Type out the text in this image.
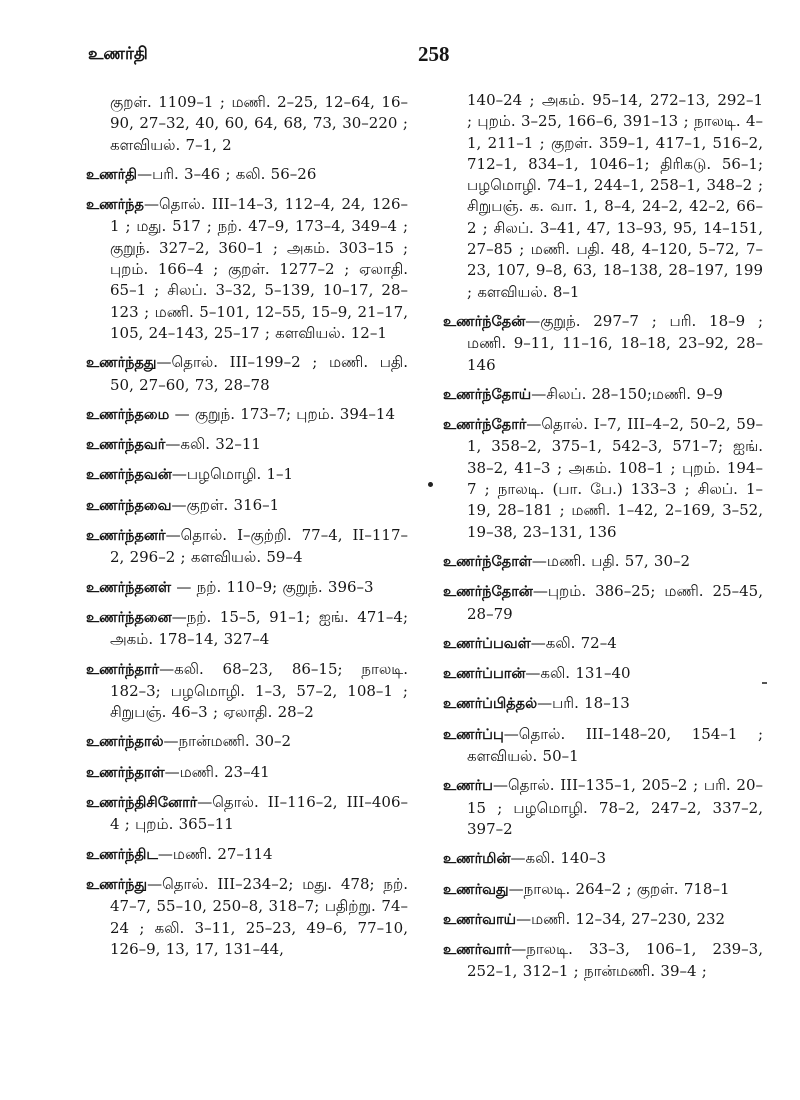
உணர்தி	258

குறள். 1109–1 ; மணி. 2–25, 12–64, 16–90, 27–32, 40, 60, 64, 68, 73, 30–220 ; களவியல். 7–1, 2

உணர்தி—பரி. 3–46 ; கலி. 56–26

உணர்ந்த—தொல். III–14–3, 112–4, 24, 126–1 ; மது. 517 ; நற். 47–9, 173–4, 349–4 ; குறுந். 327–2, 360–1 ; அகம். 303–15 ; புறம். 166–4 ; குறள். 1277–2 ; ஏலாதி. 65–1 ; சிலப். 3–32, 5–139, 10–17, 28–123 ; மணி. 5–101, 12–55, 15–9, 21–17, 105, 24–143, 25–17 ; களவியல். 12–1

உணர்ந்தது—தொல். III–199–2 ; மணி. பதி. 50, 27–60, 73, 28–78

உணர்ந்தமை — குறுந். 173–7; புறம். 394–14

உணர்ந்தவர்—கலி. 32–11

உணர்ந்தவன்—பழமொழி. 1–1

உணர்ந்தவை—குறள். 316–1

உணர்ந்தனர்—தொல். I–குற்றி. 77–4, II–117–2, 296–2 ; களவியல். 59–4

உணர்ந்தனள் — நற். 110–9; குறுந். 396–3

உணர்ந்தனை—நற். 15–5, 91–1; ஐங். 471–4; அகம். 178–14, 327–4

உணர்ந்தார்—கலி. 68–23, 86–15; நாலடி. 182–3; பழமொழி. 1–3, 57–2, 108–1 ; சிறுபஞ். 46–3 ; ஏலாதி. 28–2

உணர்ந்தால்—நான்மணி. 30–2

உணர்ந்தாள்—மணி. 23–41

உணர்ந்திசினோர்—தொல். II–116–2, III–406–4 ; புறம். 365–11

உணர்ந்திட—மணி. 27–114

உணர்ந்து—தொல். III–234–2; மது. 478; நற். 47–7, 55–10, 250–8, 318–7; பதிற்று. 74–24 ; கலி. 3–11, 25–23, 49–6, 77–10, 126–9, 13, 17, 131–44,

140–24 ; அகம். 95–14, 272–13, 292–1 ; புறம். 3–25, 166–6, 391–13 ; நாலடி. 4–1, 211–1 ; குறள். 359–1, 417–1, 516–2, 712–1, 834–1, 1046–1; திரிகடு. 56–1; பழமொழி. 74–1, 244–1, 258–1, 348–2 ; சிறுபஞ். க. வா. 1, 8–4, 24–2, 42–2, 66–2 ; சிலப். 3–41, 47, 13–93, 95, 14–151, 27–85 ; மணி. பதி. 48, 4–120, 5–72, 7–23, 107, 9–8, 63, 18–138, 28–197, 199 ; களவியல். 8–1

உணர்ந்தேன்—குறுந். 297–7 ; பரி. 18–9 ; மணி. 9–11, 11–16, 18–18, 23–92, 28–146

உணர்ந்தோய்—சிலப். 28–150;மணி. 9–9

உணர்ந்தோர்—தொல். I–7, III–4–2, 50–2, 59–1, 358–2, 375–1, 542–3, 571–7; ஐங். 38–2, 41–3 ; அகம். 108–1 ; புறம். 194–7 ; நாலடி. (பா. பே.) 133–3 ; சிலப். 1–19, 28–181 ; மணி. 1–42, 2–169, 3–52, 19–38, 23–131, 136

உணர்ந்தோள்—மணி. பதி. 57, 30–2

உணர்ந்தோன்—புறம். 386–25; மணி. 25–45, 28–79

உணர்ப்பவள்—கலி. 72–4

உணர்ப்பான்—கலி. 131–40

உணர்ப்பித்தல்—பரி. 18–13

உணர்ப்பு—தொல். III–148–20, 154–1 ; களவியல். 50–1

உணர்ப—தொல். III–135–1, 205–2 ; பரி. 20–15 ; பழமொழி. 78–2, 247–2, 337–2, 397–2

உணர்மின்—கலி. 140–3

உணர்வது—நாலடி. 264–2 ; குறள். 718–1

உணர்வாய்—மணி. 12–34, 27–230, 232

உணர்வார்—நாலடி. 33–3, 106–1, 239–3, 252–1, 312–1 ; நான்மணி. 39–4 ;
